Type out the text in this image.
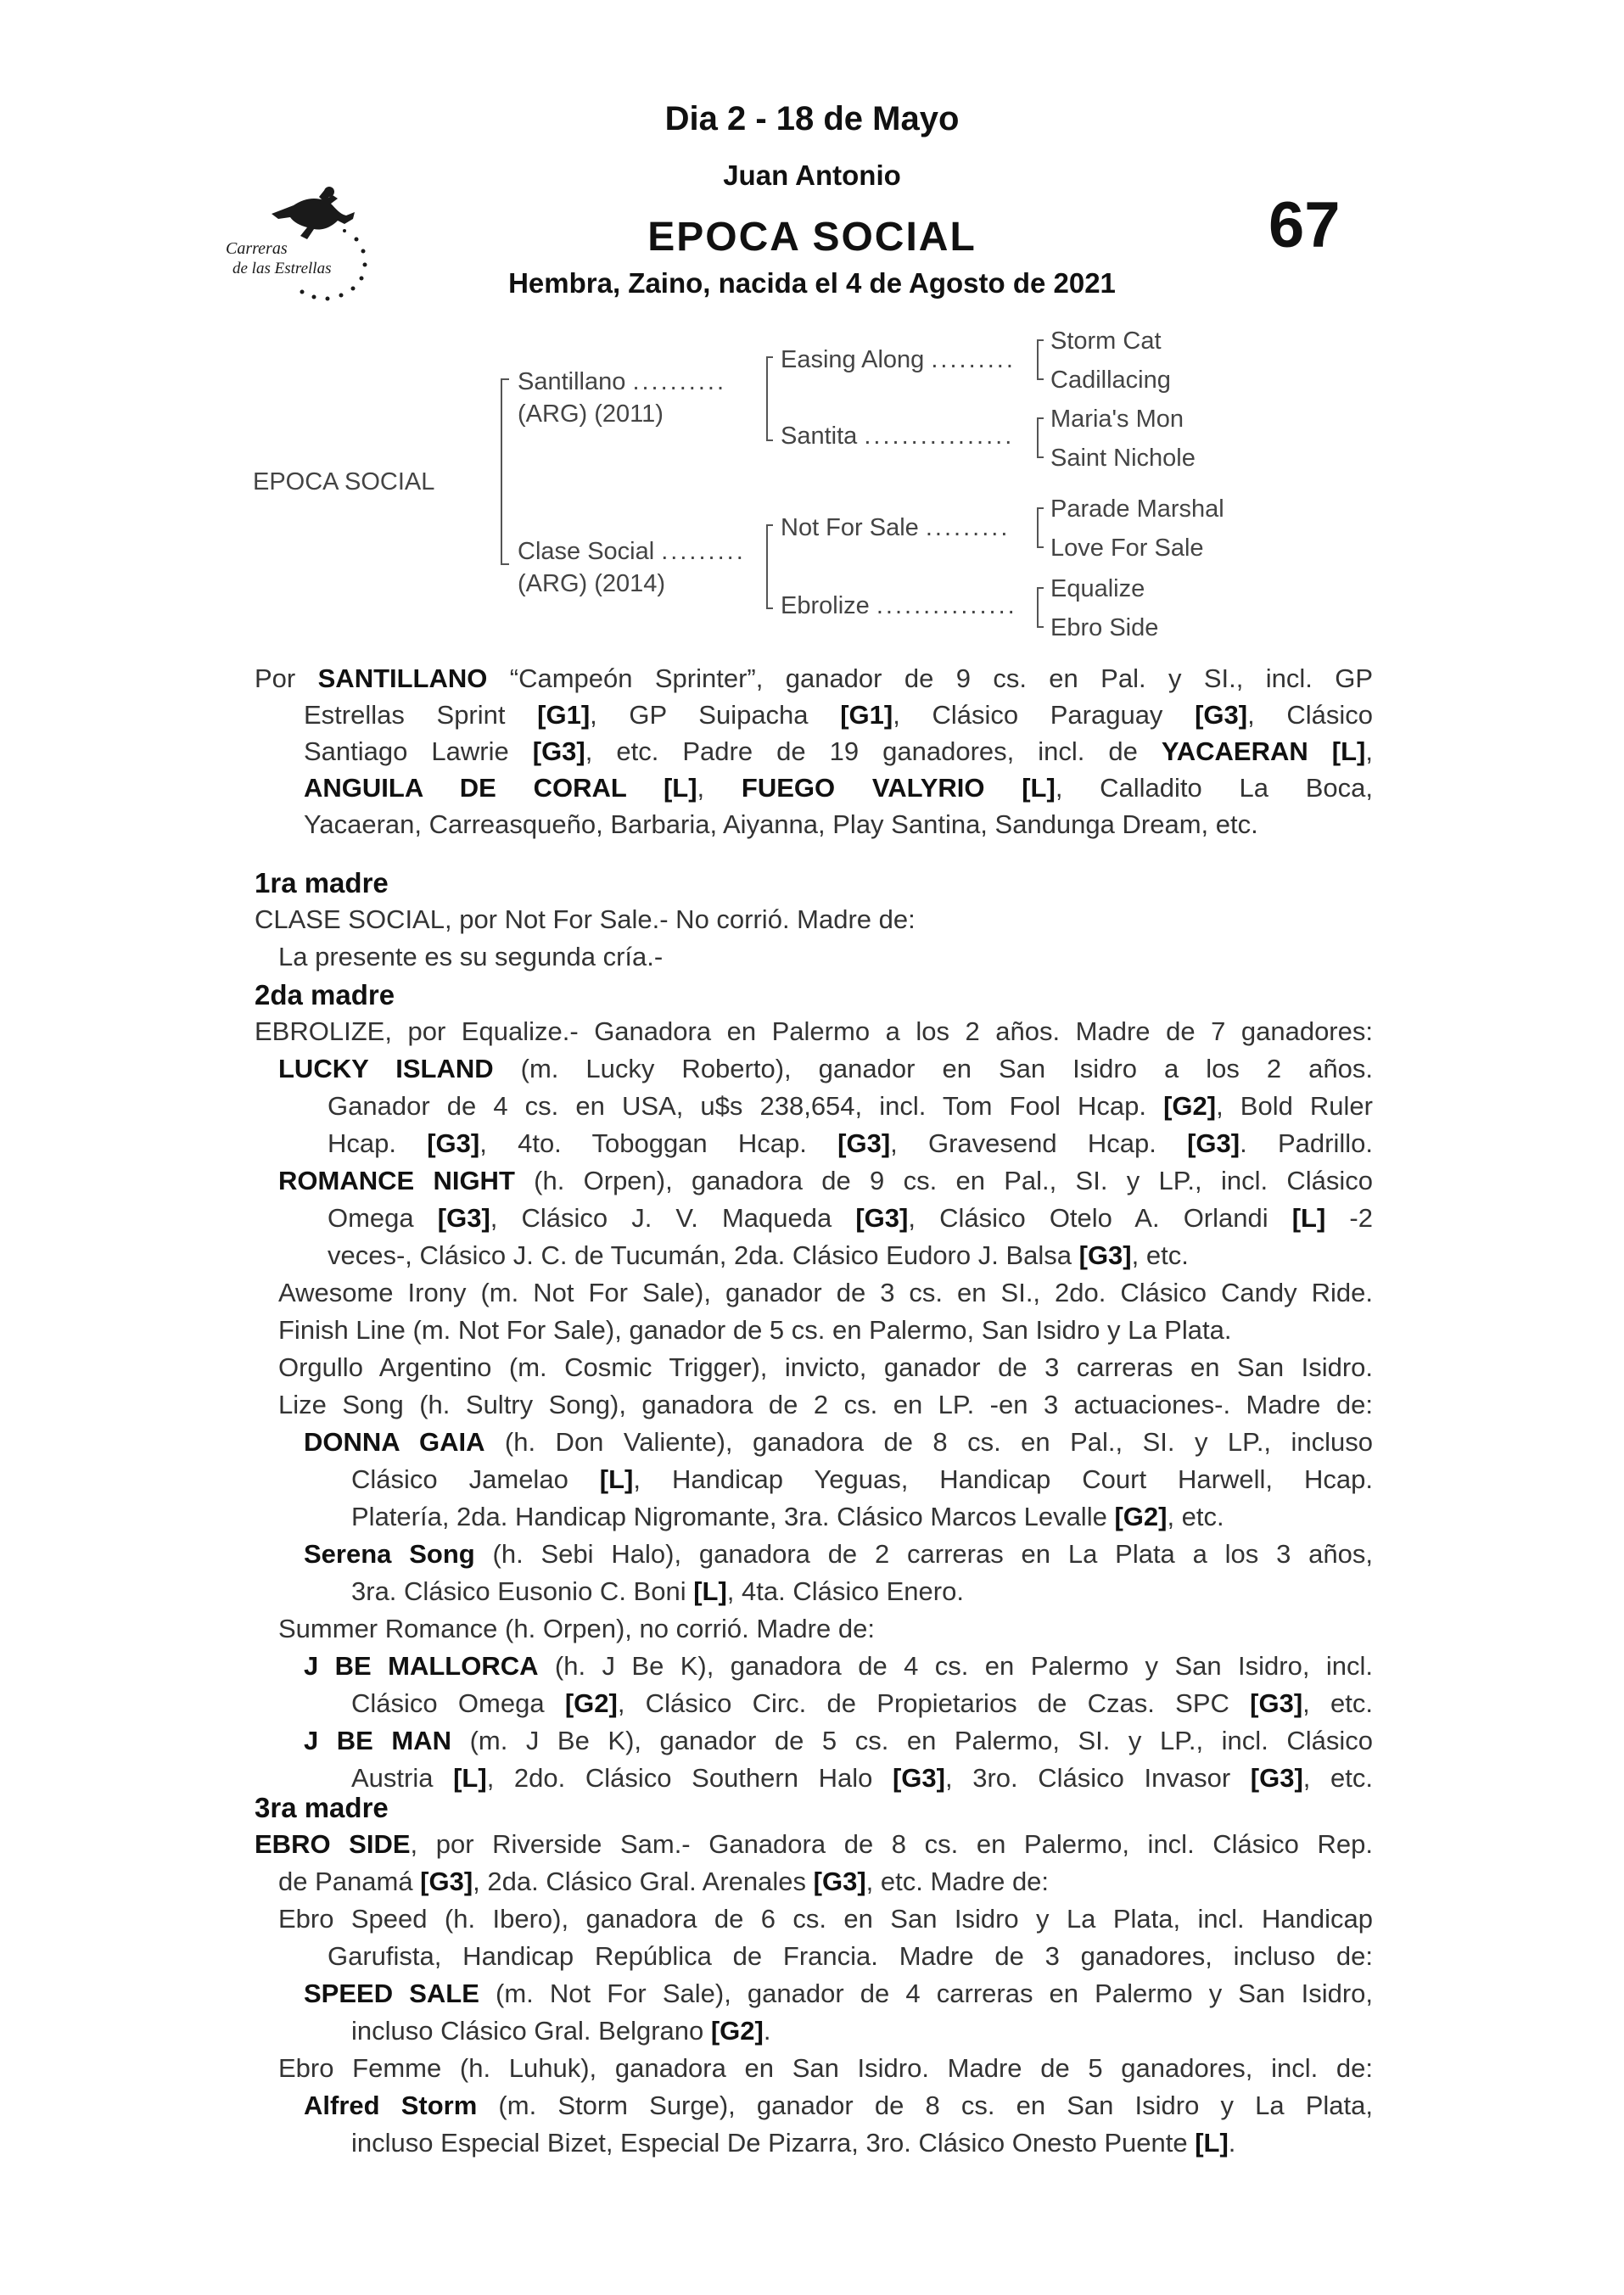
Dia 2 - 18 de Mayo
Juan Antonio
EPOCA SOCIAL
Hembra, Zaino, nacida el 4 de Agosto de 2021
67
Carreras
de las Estrellas
EPOCA SOCIAL
Santillano ..........
(ARG) (2011)
Clase Social .........
(ARG) (2014)
Easing Along .........
Santita ................
Not For Sale .........
Ebrolize ...............
Storm Cat
Cadillacing
Maria's Mon
Saint Nichole
Parade Marshal
Love For Sale
Equalize
Ebro Side
Por SANTILLANO “Campeón Sprinter”, ganador de 9 cs. en Pal. y SI., incl. GP
Estrellas Sprint [G1], GP Suipacha [G1], Clásico Paraguay [G3], Clásico
Santiago Lawrie [G3], etc. Padre de 19 ganadores, incl. de YACAERAN [L],
ANGUILA DE CORAL [L], FUEGO VALYRIO [L], Calladito La Boca,
Yacaeran, Carreasqueño, Barbaria, Aiyanna, Play Santina, Sandunga Dream, etc.
1ra madre
CLASE SOCIAL, por Not For Sale.- No corrió. Madre de:
La presente es su segunda cría.-
2da madre
EBROLIZE, por Equalize.- Ganadora en Palermo a los 2 años. Madre de 7 ganadores:
LUCKY ISLAND (m. Lucky Roberto), ganador en San Isidro a los 2 años.
Ganador de 4 cs. en USA, u$s 238,654, incl. Tom Fool Hcap. [G2], Bold Ruler
Hcap. [G3], 4to. Toboggan Hcap. [G3], Gravesend Hcap. [G3]. Padrillo.
ROMANCE NIGHT (h. Orpen), ganadora de 9 cs. en Pal., SI. y LP., incl. Clásico
Omega [G3], Clásico J. V. Maqueda [G3], Clásico Otelo A. Orlandi [L] -2
veces-, Clásico J. C. de Tucumán, 2da. Clásico Eudoro J. Balsa [G3], etc.
Awesome Irony (m. Not For Sale), ganador de 3 cs. en SI., 2do. Clásico Candy Ride.
Finish Line (m. Not For Sale), ganador de 5 cs. en Palermo, San Isidro y La Plata.
Orgullo Argentino (m. Cosmic Trigger), invicto, ganador de 3 carreras en San Isidro.
Lize Song (h. Sultry Song), ganadora de 2 cs. en LP. -en 3 actuaciones-. Madre de:
DONNA GAIA (h. Don Valiente), ganadora de 8 cs. en Pal., SI. y LP., incluso
Clásico Jamelao [L], Handicap Yeguas, Handicap Court Harwell, Hcap.
Platería, 2da. Handicap Nigromante, 3ra. Clásico Marcos Levalle [G2], etc.
Serena Song (h. Sebi Halo), ganadora de 2 carreras en La Plata a los 3 años,
3ra. Clásico Eusonio C. Boni [L], 4ta. Clásico Enero.
Summer Romance (h. Orpen), no corrió. Madre de:
J BE MALLORCA (h. J Be K), ganadora de 4 cs. en Palermo y San Isidro, incl.
Clásico Omega [G2], Clásico Circ. de Propietarios de Czas. SPC [G3], etc.
J BE MAN (m. J Be K), ganador de 5 cs. en Palermo, SI. y LP., incl. Clásico
Austria [L], 2do. Clásico Southern Halo [G3], 3ro. Clásico Invasor [G3], etc.
3ra madre
EBRO SIDE, por Riverside Sam.- Ganadora de 8 cs. en Palermo, incl. Clásico Rep.
de Panamá [G3], 2da. Clásico Gral. Arenales [G3], etc. Madre de:
Ebro Speed (h. Ibero), ganadora de 6 cs. en San Isidro y La Plata, incl. Handicap
Garufista, Handicap República de Francia. Madre de 3 ganadores, incluso de:
SPEED SALE (m. Not For Sale), ganador de 4 carreras en Palermo y San Isidro,
incluso Clásico Gral. Belgrano [G2].
Ebro Femme (h. Luhuk), ganadora en San Isidro. Madre de 5 ganadores, incl. de:
Alfred Storm (m. Storm Surge), ganador de 8 cs. en San Isidro y La Plata,
incluso Especial Bizet, Especial De Pizarra, 3ro. Clásico Onesto Puente [L].
